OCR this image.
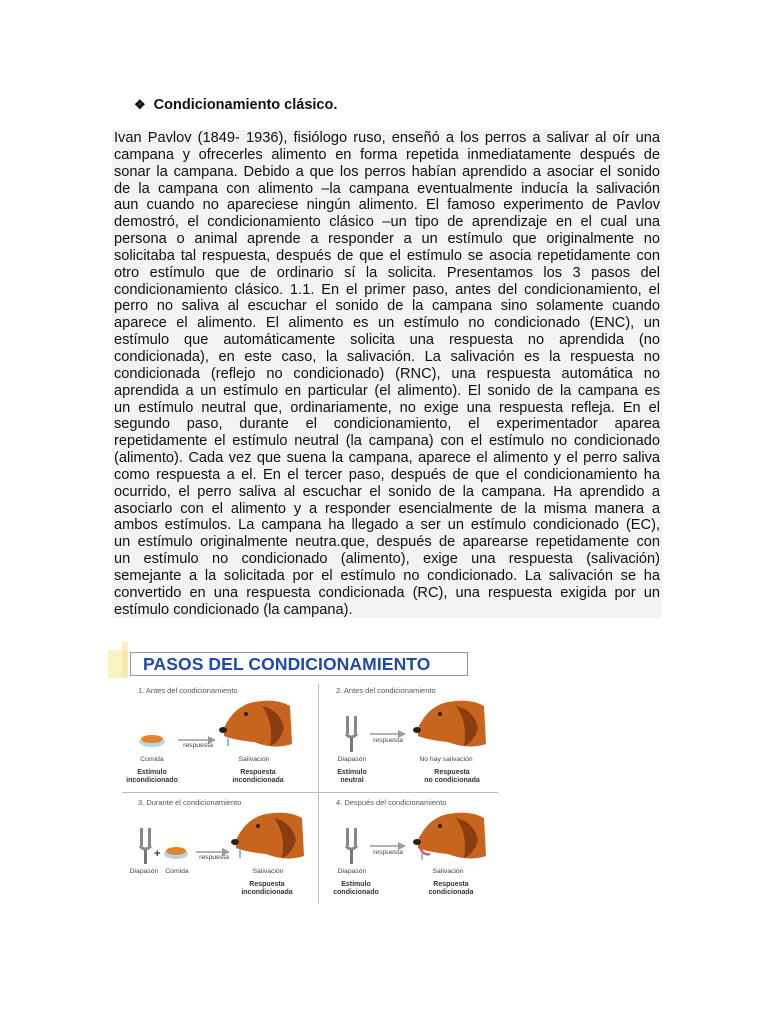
❖ Condicionamiento clásico.
Ivan Pavlov (1849- 1936), fisiólogo ruso, enseñó a los perros a salivar al oír una
campana y ofrecerles alimento en forma repetida inmediatamente después de
sonar la campana. Debido a que los perros habían aprendido a asociar el sonido
de la campana con alimento –la campana eventualmente inducía la salivación
aun cuando no apareciese ningún alimento. El famoso experimento de Pavlov
demostró, el condicionamiento clásico –un tipo de aprendizaje en el cual una
persona o animal aprende a responder a un estímulo que originalmente no
solicitaba tal respuesta, después de que el estímulo se asocia repetidamente con
otro estímulo que de ordinario sí la solicita. Presentamos los 3 pasos del
condicionamiento clásico. 1.1. En el primer paso, antes del condicionamiento, el
perro no saliva al escuchar el sonido de la campana sino solamente cuando
aparece el alimento. El alimento es un estímulo no condicionado (ENC), un
estímulo que automáticamente solicita una respuesta no aprendida (no
condicionada), en este caso, la salivación. La salivación es la respuesta no
condicionada (reflejo no condicionado) (RNC), una respuesta automática no
aprendida a un estímulo en particular (el alimento). El sonido de la campana es
un estímulo neutral que, ordinariamente, no exige una respuesta refleja. En el
segundo paso, durante el condicionamiento, el experimentador aparea
repetidamente el estímulo neutral (la campana) con el estímulo no condicionado
(alimento). Cada vez que suena la campana, aparece el alimento y el perro saliva
como respuesta a el. En el tercer paso, después de que el condicionamiento ha
ocurrido, el perro saliva al escuchar el sonido de la campana. Ha aprendido a
asociarlo con el alimento y a responder esencialmente de la misma manera a
ambos estímulos. La campana ha llegado a ser un estímulo condicionado (EC),
un estímulo originalmente neutra.que, después de aparearse repetidamente con
un estímulo no condicionado (alimento), exige una respuesta (salivación)
semejante a la solicitada por el estímulo no condicionado. La salivación se ha
convertido en una respuesta condicionada (RC), una respuesta exigida por un
estímulo condicionado (la campana).
PASOS DEL CONDICIONAMIENTO
1. Antes del condicionamiento
Comida
respuesta
Salivación
Estímulo
incondicionado
Respuesta
incondicionada
2. Antes del condicionamiento
Diapasón
respuesta
No hay salivación
Estímulo
neutral
Respuesta
no condicionada
3. Durante el condicionamiento
+
Diapasón	Comida
respuesta
Salivación
Respuesta
incondicionada
4. Después del condicionamiento
Diapasón
respuesta
Salivación
Estímulo
condicionado
Respuesta
condicionada
